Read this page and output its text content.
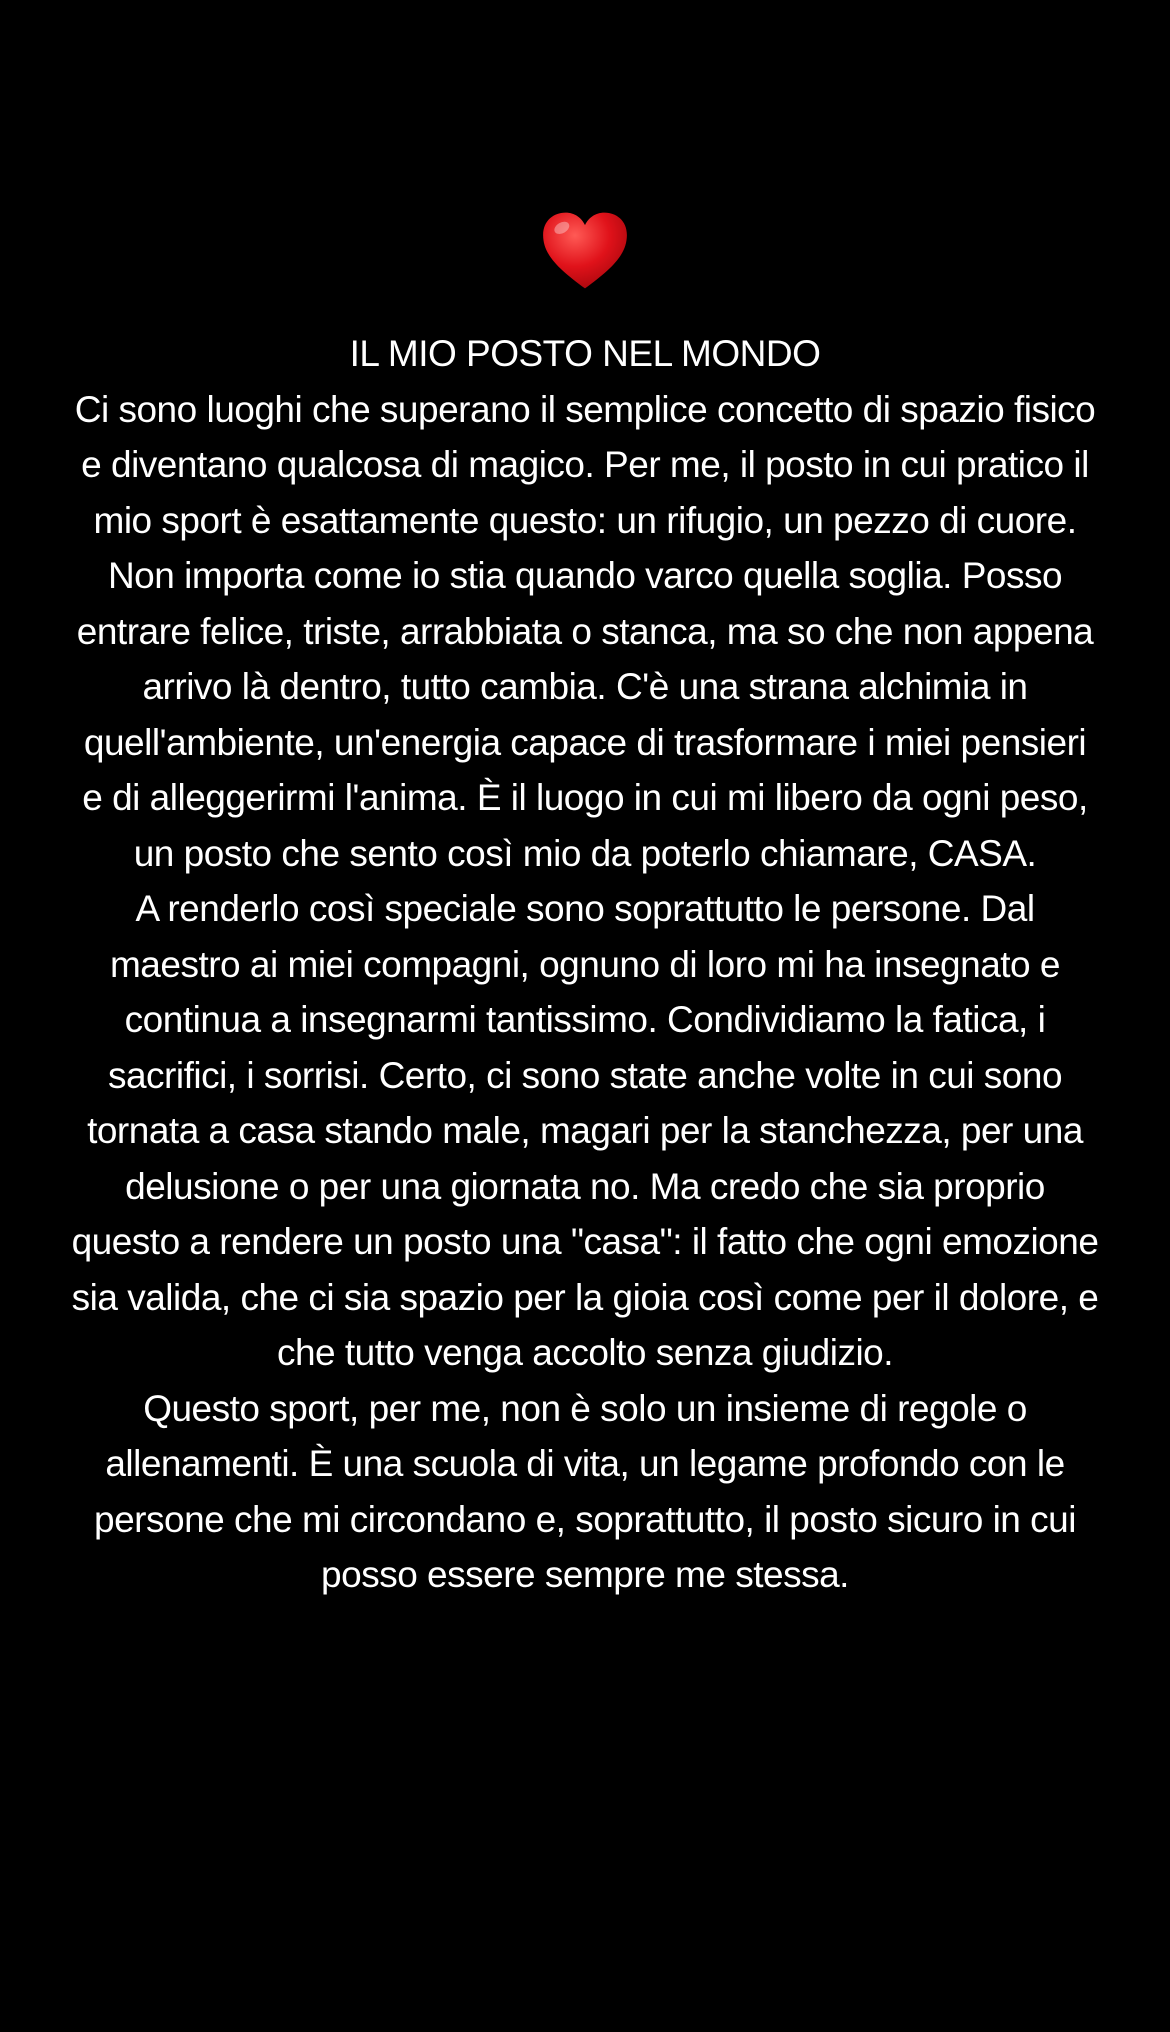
IL MIO POSTO NEL MONDO

Ci sono luoghi che superano il semplice concetto di spazio fisico e diventano qualcosa di magico. Per me, il posto in cui pratico il mio sport è esattamente questo: un rifugio, un pezzo di cuore.

Non importa come io stia quando varco quella soglia. Posso entrare felice, triste, arrabbiata o stanca, ma so che non appena arrivo là dentro, tutto cambia. C'è una strana alchimia in quell'ambiente, un'energia capace di trasformare i miei pensieri e di alleggerirmi l'anima. È il luogo in cui mi libero da ogni peso, un posto che sento così mio da poterlo chiamare, CASA.

A renderlo così speciale sono soprattutto le persone. Dal maestro ai miei compagni, ognuno di loro mi ha insegnato e continua a insegnarmi tantissimo. Condividiamo la fatica, i sacrifici, i sorrisi. Certo, ci sono state anche volte in cui sono tornata a casa stando male, magari per la stanchezza, per una delusione o per una giornata no. Ma credo che sia proprio questo a rendere un posto una "casa": il fatto che ogni emozione sia valida, che ci sia spazio per la gioia così come per il dolore, e che tutto venga accolto senza giudizio.

Questo sport, per me, non è solo un insieme di regole o allenamenti. È una scuola di vita, un legame profondo con le persone che mi circondano e, soprattutto, il posto sicuro in cui posso essere sempre me stessa.
